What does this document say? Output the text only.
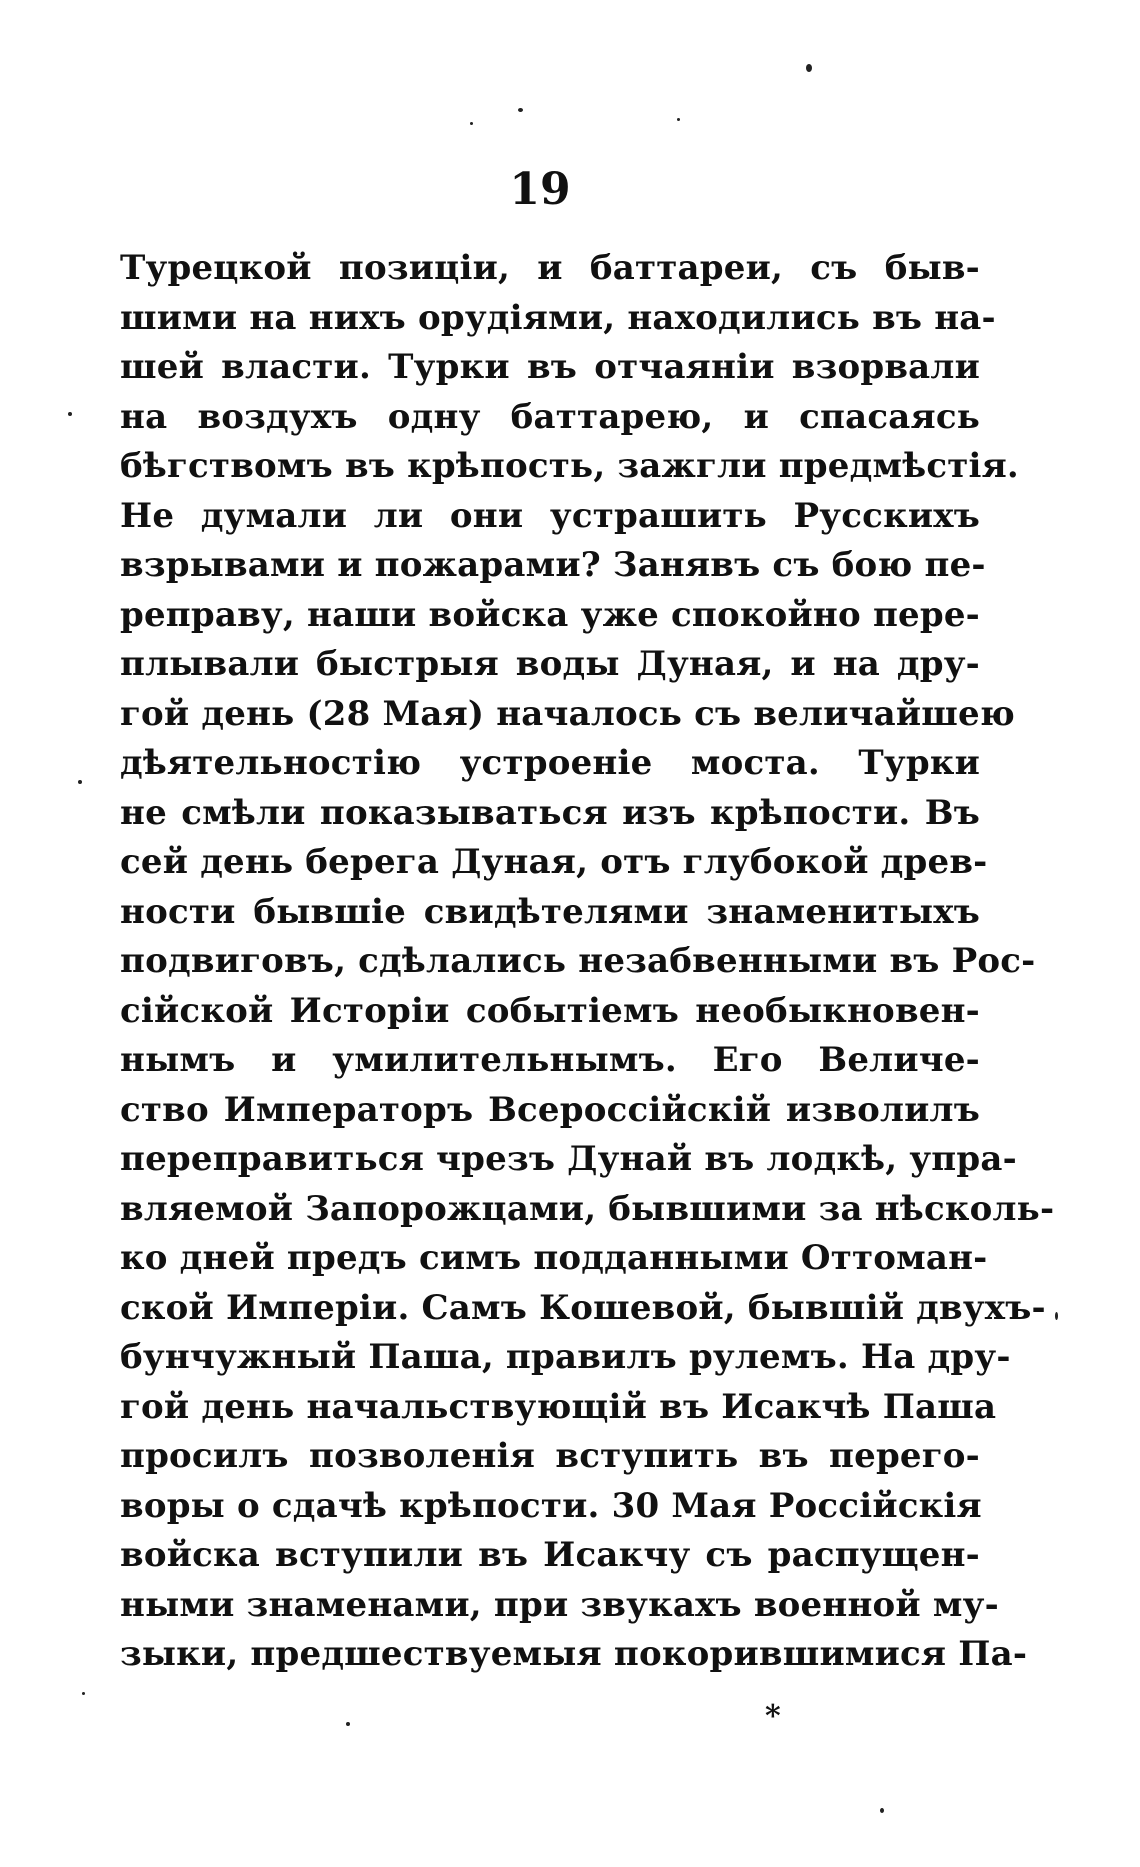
19
Турецкой позиціи, и баттареи, съ быв-
шими на нихъ орудіями, находились въ на-
шей власти. Турки въ отчаяніи взорвали
на воздухъ одну баттарею, и спасаясь
бѣгствомъ въ крѣпость, зажгли предмѣстія.
Не думали ли они устрашить Русскихъ
взрывами и пожарами? Занявъ съ бою пе-
реправу, наши войска уже спокойно пере-
плывали быстрыя воды Дуная, и на дру-
гой день (28 Мая) началось съ величайшею
дѣятельностію устроеніе моста. Турки
не смѣли показываться изъ крѣпости. Въ
сей день берега Дуная, отъ глубокой древ-
ности бывшіе свидѣтелями знаменитыхъ
подвиговъ, сдѣлались незабвенными въ Рос-
сійской Исторіи событіемъ необыкновен-
нымъ и умилительнымъ. Его Величе-
ство Императоръ Всероссійскій изволилъ
переправиться чрезъ Дунай въ лодкѣ, упра-
вляемой Запорожцами, бывшими за нѣсколь-
ко дней предъ симъ подданными Оттоман-
ской Имперіи. Самъ Кошевой, бывшій двухъ-
бунчужный Паша, правилъ рулемъ. На дру-
гой день начальствующій въ Исакчѣ Паша
просилъ позволенія вступить въ перего-
воры о сдачѣ крѣпости. 30 Мая Россійскія
войска вступили въ Исакчу съ распущен-
ными знаменами, при звукахъ военной му-
зыки, предшествуемыя покорившимися Па-
*
